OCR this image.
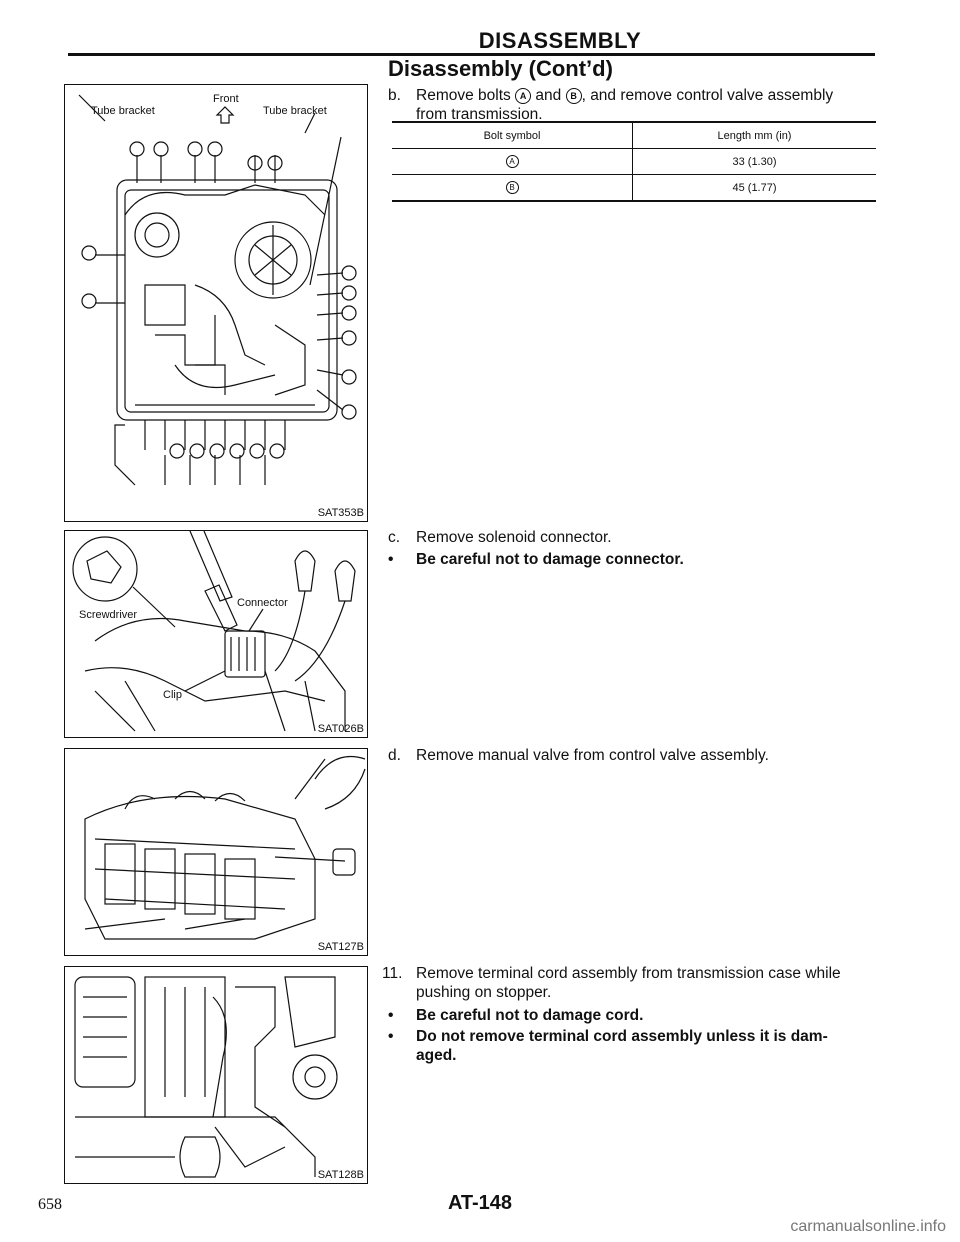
DISASSEMBLY
Disassembly (Cont’d)
b. Remove bolts A and B , and remove control valve assembly
from transmission.
Bolt symbol	Length mm (in)
A	33 (1.30)
B	45 (1.77)
c. Remove solenoid connector.
• Be careful not to damage connector.
d. Remove manual valve from control valve assembly.
11. Remove terminal cord assembly from transmission case while
pushing on stopper.
• Be careful not to damage cord.
• Do not remove terminal cord assembly unless it is dam-
aged.
Front
Tube bracket	Tube bracket
SAT353B
Screwdriver
Connector
Clip
SAT026B
SAT127B
SAT128B
658	AT-148
carmanualsonline.info
